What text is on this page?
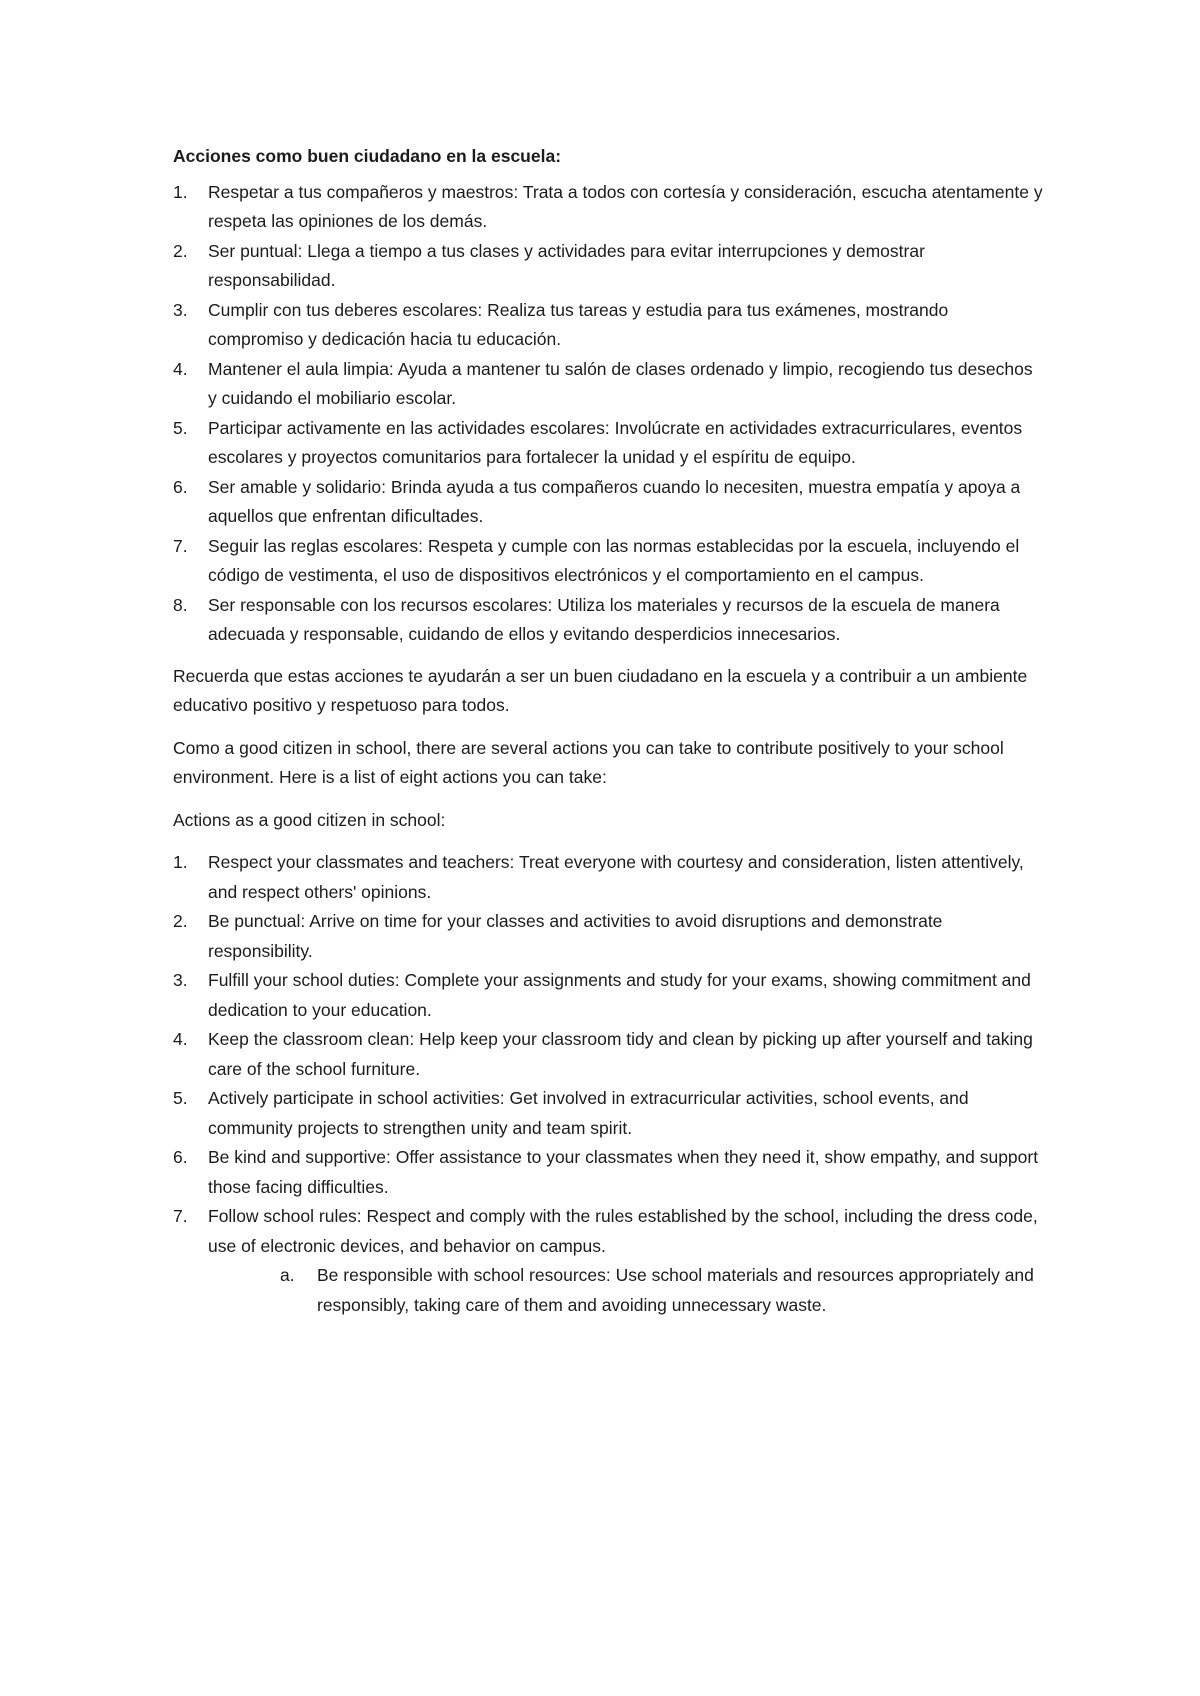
Acciones como buen ciudadano en la escuela:

1. Respetar a tus compañeros y maestros: Trata a todos con cortesía y consideración, escucha atentamente y respeta las opiniones de los demás.
2. Ser puntual: Llega a tiempo a tus clases y actividades para evitar interrupciones y demostrar responsabilidad.
3. Cumplir con tus deberes escolares: Realiza tus tareas y estudia para tus exámenes, mostrando compromiso y dedicación hacia tu educación.
4. Mantener el aula limpia: Ayuda a mantener tu salón de clases ordenado y limpio, recogiendo tus desechos y cuidando el mobiliario escolar.
5. Participar activamente en las actividades escolares: Involúcrate en actividades extracurriculares, eventos escolares y proyectos comunitarios para fortalecer la unidad y el espíritu de equipo.
6. Ser amable y solidario: Brinda ayuda a tus compañeros cuando lo necesiten, muestra empatía y apoya a aquellos que enfrentan dificultades.
7. Seguir las reglas escolares: Respeta y cumple con las normas establecidas por la escuela, incluyendo el código de vestimenta, el uso de dispositivos electrónicos y el comportamiento en el campus.
8. Ser responsable con los recursos escolares: Utiliza los materiales y recursos de la escuela de manera adecuada y responsable, cuidando de ellos y evitando desperdicios innecesarios.

Recuerda que estas acciones te ayudarán a ser un buen ciudadano en la escuela y a contribuir a un ambiente educativo positivo y respetuoso para todos.

Como a good citizen in school, there are several actions you can take to contribute positively to your school environment. Here is a list of eight actions you can take:

Actions as a good citizen in school:

1. Respect your classmates and teachers: Treat everyone with courtesy and consideration, listen attentively, and respect others' opinions.
2. Be punctual: Arrive on time for your classes and activities to avoid disruptions and demonstrate responsibility.
3. Fulfill your school duties: Complete your assignments and study for your exams, showing commitment and dedication to your education.
4. Keep the classroom clean: Help keep your classroom tidy and clean by picking up after yourself and taking care of the school furniture.
5. Actively participate in school activities: Get involved in extracurricular activities, school events, and community projects to strengthen unity and team spirit.
6. Be kind and supportive: Offer assistance to your classmates when they need it, show empathy, and support those facing difficulties.
7. Follow school rules: Respect and comply with the rules established by the school, including the dress code, use of electronic devices, and behavior on campus.
a. Be responsible with school resources: Use school materials and resources appropriately and responsibly, taking care of them and avoiding unnecessary waste.
